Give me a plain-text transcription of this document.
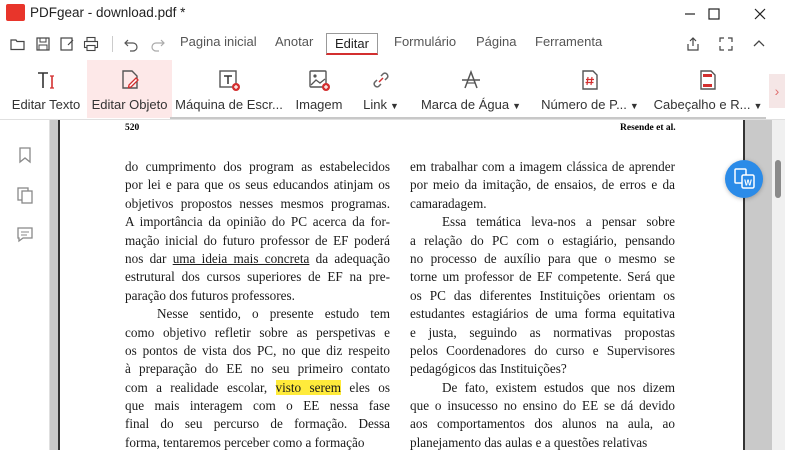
PDFgear - download.pdf *
Pagina inicial	Anotar	Editar	Formulário	Página	Ferramenta
Editar Texto Editar Objeto Máquina de Escr... Imagem	Link ▼	Marca de Água ▼	Número de P... ▼	Cabeçalho e R... ▼
›
520	Resende et al.
do cumprimento dos program as estabelecidos
por lei e para que os seus educandos atinjam os
objetivos propostos nesses mesmos programas.
A importância da opinião do PC acerca da for-
mação inicial do futuro professor de EF poderá
nos dar uma ideia mais concreta da adequação
estrutural dos cursos superiores de EF na pre-
paração dos futuros professores.
Nesse sentido, o presente estudo tem
como objetivo refletir sobre as perspetivas e
os pontos de vista dos PC, no que diz respeito
à preparação do EE no seu primeiro contato
com a realidade escolar, visto serem eles os
que mais interagem com o EE nessa fase
final do seu percurso de formação. Dessa
forma, tentaremos perceber como a formação
em trabalhar com a imagem clássica de aprender
por meio da imitação, de ensaios, de erros e da
camaradagem.
Essa temática leva-nos a pensar sobre
a relação do PC com o estagiário, pensando
no processo de auxílio para que o mesmo se
torne um professor de EF competente. Será que
os PC das diferentes Instituições orientam os
estudantes estagiários de uma forma equitativa
e justa, seguindo as normativas propostas
pelos Coordenadores do curso e Supervisores
pedagógicos das Instituições?
De fato, existem estudos que nos dizem
que o insucesso no ensino do EE se dá devido
aos comportamentos dos alunos na aula, ao
planejamento das aulas e a questões relativas
W
